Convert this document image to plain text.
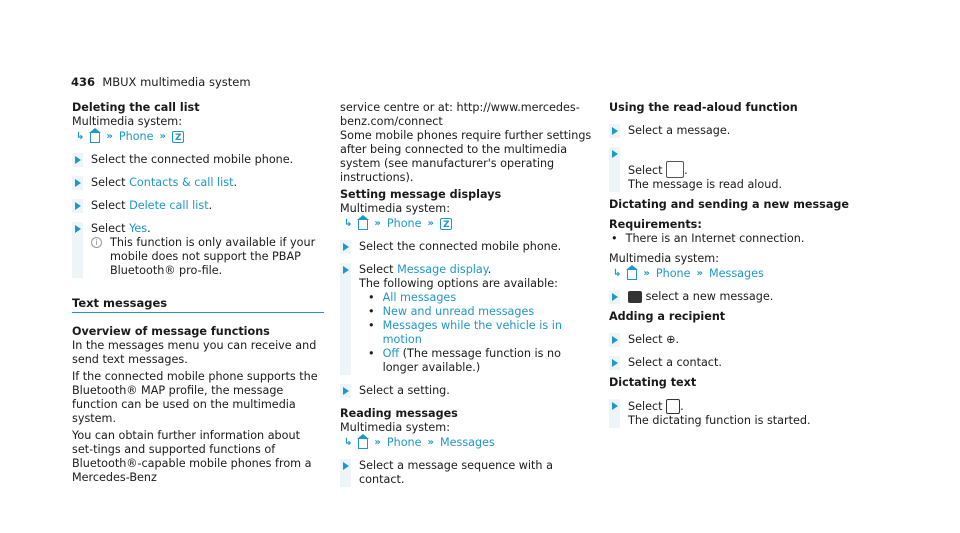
436 MBUX multimedia system

Deleting the call list

Multimedia system:

↳ » Phone »
Z
Select the connected mobile phone.
Select Contacts & call list.
Select Delete call list.
Select Yes.
i	This function is only available if your mobile does not support the PBAP Bluetooth® pro-file.

Text messages

Overview of message functions

In the messages menu you can receive and send text messages.

If the connected mobile phone supports the Bluetooth® MAP profile, the message function can be used on the multimedia system.

You can obtain further information about set-tings and supported functions of Bluetooth®-capable mobile phones from a Mercedes-Benz

service centre or at: http://www.mercedes-benz.com/connect

Some mobile phones require further settings after being connected to the multimedia system (see manufacturer's operating instructions).

Setting message displays

Multimedia system:

↳ » Phone »
Z
Select the connected mobile phone.
Select Message display.

The following options are available:

• All messages
• New and unread messages
• Messages while the vehicle is in motion
• Off (The message function is no longer available.)
Select a setting.

Reading messages

Multimedia system:

↳ » Phone » Messages
Select a message sequence with a contact.

Using the read-aloud function

Select a message.
Select .

The message is read aloud.

Dictating and sending a new message

Requirements:

• There is an Internet connection.

Multimedia system:

↳ » Phone » Messages
select a new message.

Adding a recipient

Select ⊕.
Select a contact.

Dictating text

Select .

The dictating function is started.
